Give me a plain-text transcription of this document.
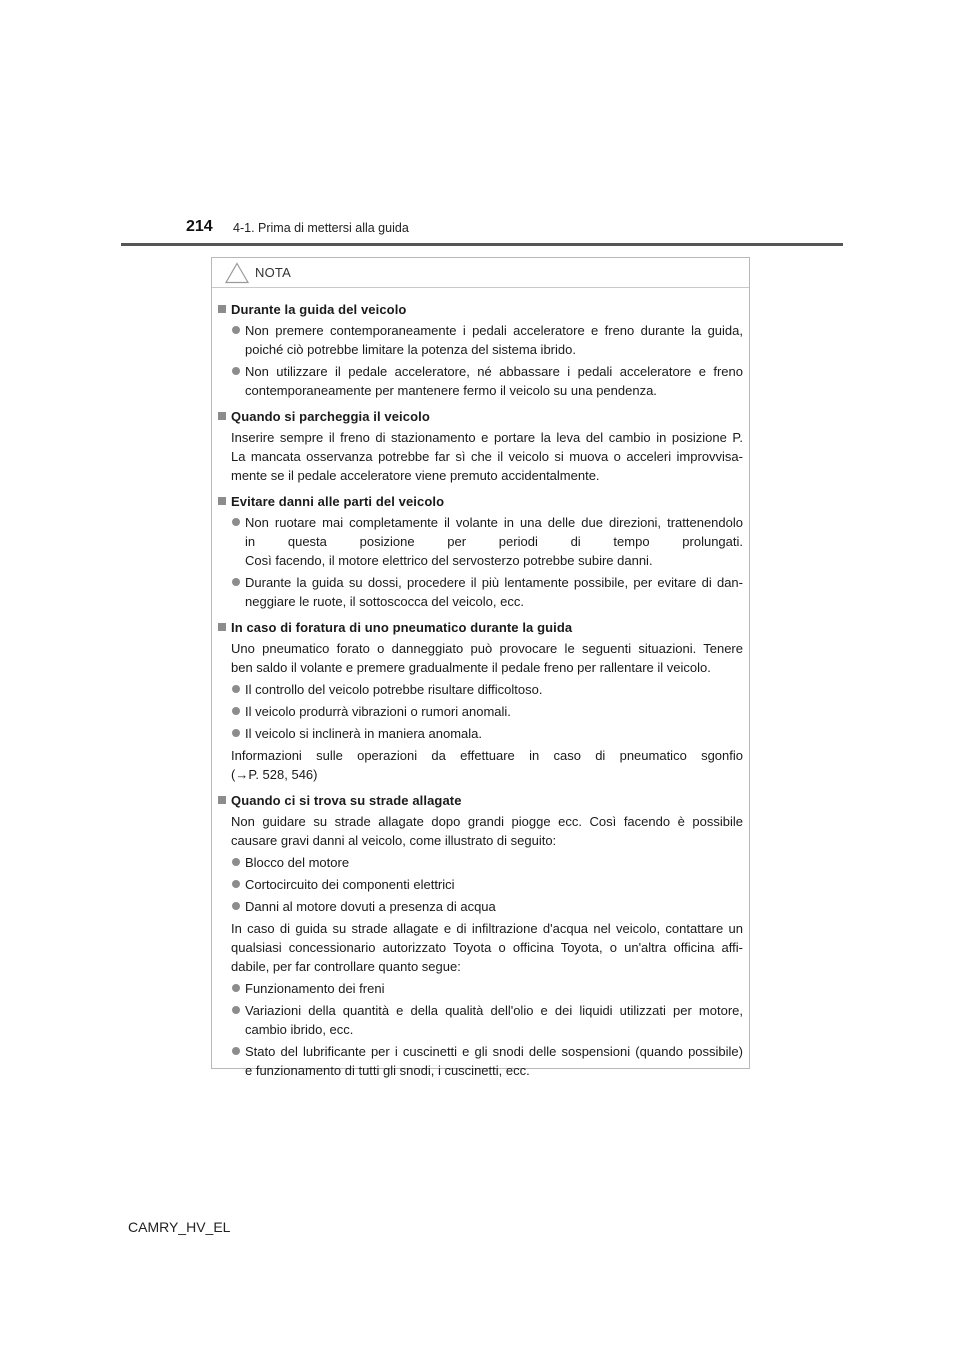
214 4-1. Prima di mettersi alla guida
NOTA
Durante la guida del veicolo
Non premere contemporaneamente i pedali acceleratore e freno durante la guida,
poiché ciò potrebbe limitare la potenza del sistema ibrido.
Non utilizzare il pedale acceleratore, né abbassare i pedali acceleratore e freno
contemporaneamente per mantenere fermo il veicolo su una pendenza.
Quando si parcheggia il veicolo
Inserire sempre il freno di stazionamento e portare la leva del cambio in posizione P.
La mancata osservanza potrebbe far sì che il veicolo si muova o acceleri improvvisa-
mente se il pedale acceleratore viene premuto accidentalmente.
Evitare danni alle parti del veicolo
Non ruotare mai completamente il volante in una delle due direzioni, trattenendolo
in questa posizione per periodi di tempo prolungati.
Così facendo, il motore elettrico del servosterzo potrebbe subire danni.
Durante la guida su dossi, procedere il più lentamente possibile, per evitare di dan-
neggiare le ruote, il sottoscocca del veicolo, ecc.
In caso di foratura di uno pneumatico durante la guida
Uno pneumatico forato o danneggiato può provocare le seguenti situazioni. Tenere
ben saldo il volante e premere gradualmente il pedale freno per rallentare il veicolo.
Il controllo del veicolo potrebbe risultare difficoltoso.
Il veicolo produrrà vibrazioni o rumori anomali.
Il veicolo si inclinerà in maniera anomala.
Informazioni sulle operazioni da effettuare in caso di pneumatico sgonfio
(→P. 528, 546)
Quando ci si trova su strade allagate
Non guidare su strade allagate dopo grandi piogge ecc. Così facendo è possibile
causare gravi danni al veicolo, come illustrato di seguito:
Blocco del motore
Cortocircuito dei componenti elettrici
Danni al motore dovuti a presenza di acqua
In caso di guida su strade allagate e di infiltrazione d'acqua nel veicolo, contattare un
qualsiasi concessionario autorizzato Toyota o officina Toyota, o un'altra officina affi-
dabile, per far controllare quanto segue:
Funzionamento dei freni
Variazioni della quantità e della qualità dell'olio e dei liquidi utilizzati per motore,
cambio ibrido, ecc.
Stato del lubrificante per i cuscinetti e gli snodi delle sospensioni (quando possibile)
e funzionamento di tutti gli snodi, i cuscinetti, ecc.
CAMRY_HV_EL
